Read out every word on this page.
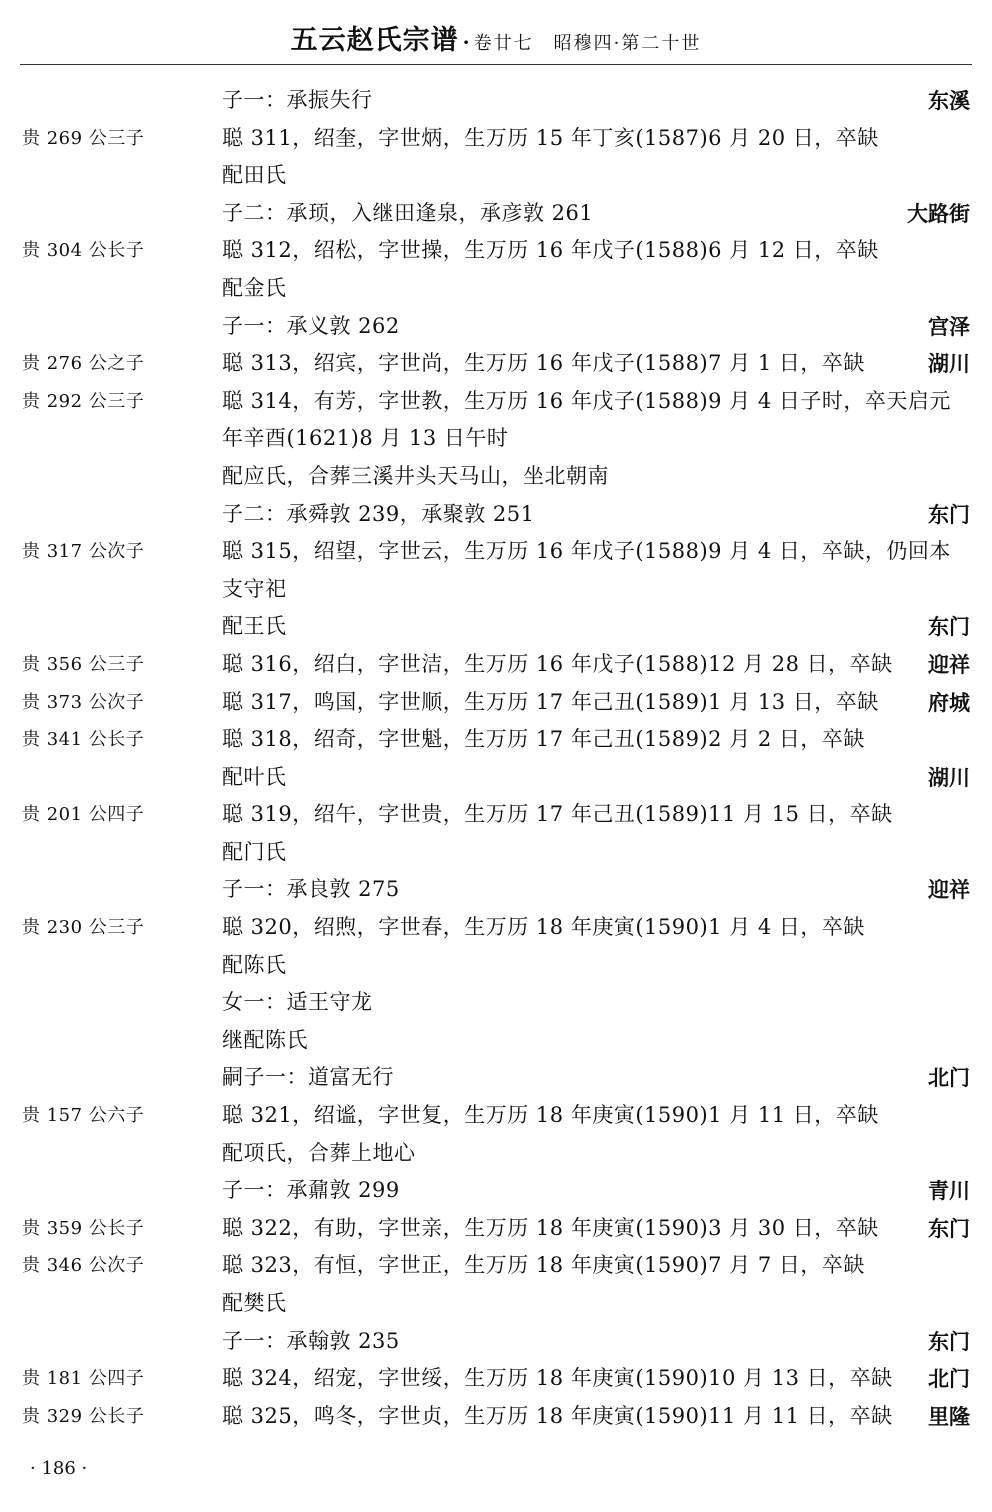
五云赵氏宗谱 · 卷廿七　昭穆四·第二十世
子一：承振失行	东溪
贵 269 公三子	聪 311，绍奎，字世炳，生万历 15 年丁亥(1587)6 月 20 日，卒缺
配田氏
子二：承顼，入继田逢泉，承彦敦 261	大路街
贵 304 公长子	聪 312，绍松，字世操，生万历 16 年戊子(1588)6 月 12 日，卒缺
配金氏
子一：承义敦 262	宫泽
贵 276 公之子	聪 313，绍宾，字世尚，生万历 16 年戊子(1588)7 月 1 日，卒缺	湖川
贵 292 公三子	聪 314，有芳，字世教，生万历 16 年戊子(1588)9 月 4 日子时，卒天启元
年辛酉(1621)8 月 13 日午时
配应氏，合葬三溪井头天马山，坐北朝南
子二：承舜敦 239，承聚敦 251	东门
贵 317 公次子	聪 315，绍望，字世云，生万历 16 年戊子(1588)9 月 4 日，卒缺，仍回本
支守祀
配王氏	东门
贵 356 公三子	聪 316，绍白，字世洁，生万历 16 年戊子(1588)12 月 28 日，卒缺 迎祥
贵 373 公次子	聪 317，鸣国，字世顺，生万历 17 年己丑(1589)1 月 13 日，卒缺 府城
贵 341 公长子	聪 318，绍奇，字世魁，生万历 17 年己丑(1589)2 月 2 日，卒缺
配叶氏	湖川
贵 201 公四子	聪 319，绍午，字世贵，生万历 17 年己丑(1589)11 月 15 日，卒缺
配门氏
子一：承良敦 275	迎祥
贵 230 公三子	聪 320，绍煦，字世春，生万历 18 年庚寅(1590)1 月 4 日，卒缺
配陈氏
女一：适王守龙
继配陈氏
嗣子一：道富无行	北门
贵 157 公六子	聪 321，绍谧，字世复，生万历 18 年庚寅(1590)1 月 11 日，卒缺
配项氏，合葬上地心
子一：承鼐敦 299	青川
贵 359 公长子	聪 322，有助，字世亲，生万历 18 年庚寅(1590)3 月 30 日，卒缺 东门
贵 346 公次子	聪 323，有恒，字世正，生万历 18 年庚寅(1590)7 月 7 日，卒缺
配樊氏
子一：承翰敦 235	东门
贵 181 公四子	聪 324，绍宠，字世绥，生万历 18 年庚寅(1590)10 月 13 日，卒缺 北门
贵 329 公长子	聪 325，鸣冬，字世贞，生万历 18 年庚寅(1590)11 月 11 日，卒缺 里隆
· 186 ·
